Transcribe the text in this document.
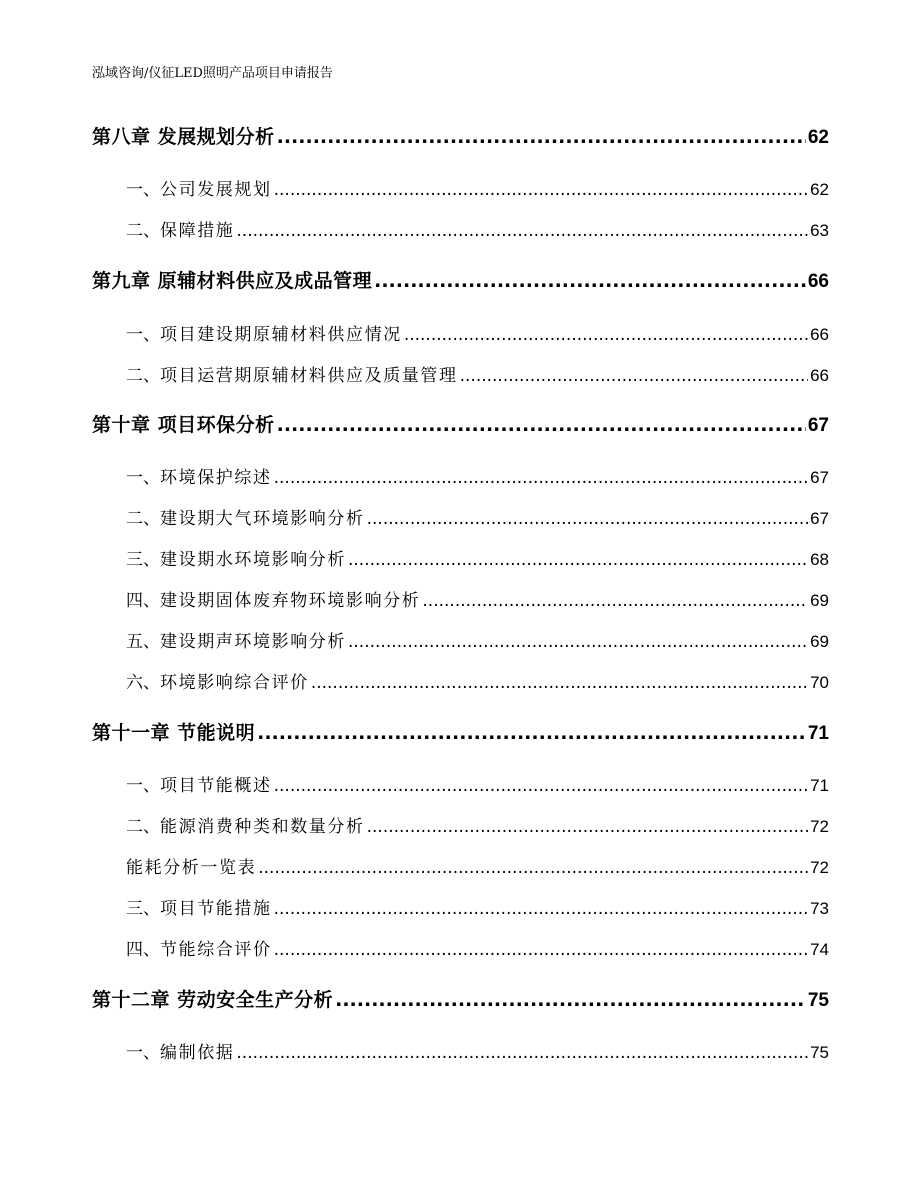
泓域咨询/仪征LED照明产品项目申请报告
第八章 发展规划分析 .....	62
一、 公司发展规划 .....	62
二、 保障措施 .....	63
第九章 原辅材料供应及成品管理 .....	66
一、 项目建设期原辅材料供应情况 .....	66
二、 项目运营期原辅材料供应及质量管理 .....	66
第十章 项目环保分析 .....	67
一、 环境保护综述 .....	67
二、 建设期大气环境影响分析 .....	67
三、 建设期水环境影响分析 .....	68
四、 建设期固体废弃物环境影响分析 .....	69
五、 建设期声环境影响分析 .....	69
六、 环境影响综合评价 .....	70
第十一章 节能说明 .....	71
一、 项目节能概述 .....	71
二、 能源消费种类和数量分析 .....	72
能耗分析一览表 .....	72
三、 项目节能措施 .....	73
四、 节能综合评价 .....	74
第十二章 劳动安全生产分析 .....	75
一、 编制依据 .....	75
